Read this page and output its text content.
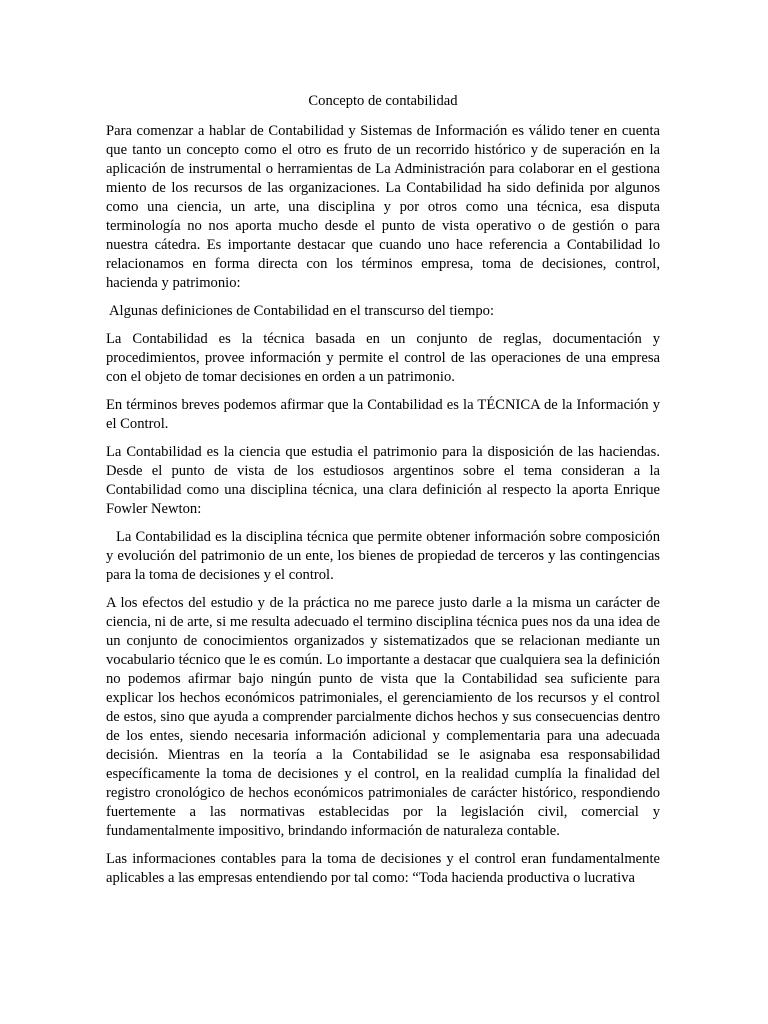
Concepto de contabilidad

Para comenzar a hablar de Contabilidad y Sistemas de Información es válido tener en cuenta que tanto un concepto como el otro es fruto de un recorrido histórico y de superación en la aplicación de instrumental o herramientas de La Administración para colaborar en el gestiona miento de los recursos de las organizaciones. La Contabilidad ha sido definida por algunos como una ciencia, un arte, una disciplina y por otros como una técnica, esa disputa terminología no nos aporta mucho desde el punto de vista operativo o de gestión o para nuestra cátedra. Es importante destacar que cuando uno hace referencia a Contabilidad lo relacionamos en forma directa con los términos empresa, toma de decisiones, control, hacienda y patrimonio:

Algunas definiciones de Contabilidad en el transcurso del tiempo:

La Contabilidad es la técnica basada en un conjunto de reglas, documentación y procedimientos, provee información y permite el control de las operaciones de una empresa con el objeto de tomar decisiones en orden a un patrimonio.

En términos breves podemos afirmar que la Contabilidad es la TÉCNICA de la Información y el Control.

La Contabilidad es la ciencia que estudia el patrimonio para la disposición de las haciendas. Desde el punto de vista de los estudiosos argentinos sobre el tema consideran a la Contabilidad como una disciplina técnica, una clara definición al respecto la aporta Enrique Fowler Newton:

La Contabilidad es la disciplina técnica que permite obtener información sobre composición y evolución del patrimonio de un ente, los bienes de propiedad de terceros y las contingencias para la toma de decisiones y el control.

A los efectos del estudio y de la práctica no me parece justo darle a la misma un carácter de ciencia, ni de arte, si me resulta adecuado el termino disciplina técnica pues nos da una idea de un conjunto de conocimientos organizados y sistematizados que se relacionan mediante un vocabulario técnico que le es común. Lo importante a destacar que cualquiera sea la definición no podemos afirmar bajo ningún punto de vista que la Contabilidad sea suficiente para explicar los hechos económicos patrimoniales, el gerenciamiento de los recursos y el control de estos, sino que ayuda a comprender parcialmente dichos hechos y sus consecuencias dentro de los entes, siendo necesaria información adicional y complementaria para una adecuada decisión. Mientras en la teoría a la Contabilidad se le asignaba esa responsabilidad específicamente la toma de decisiones y el control, en la realidad cumplía la finalidad del registro cronológico de hechos económicos patrimoniales de carácter histórico, respondiendo fuertemente a las normativas establecidas por la legislación civil, comercial y fundamentalmente impositivo, brindando información de naturaleza contable.

Las informaciones contables para la toma de decisiones y el control eran fundamentalmente aplicables a las empresas entendiendo por tal como: “Toda hacienda productiva o lucrativa
